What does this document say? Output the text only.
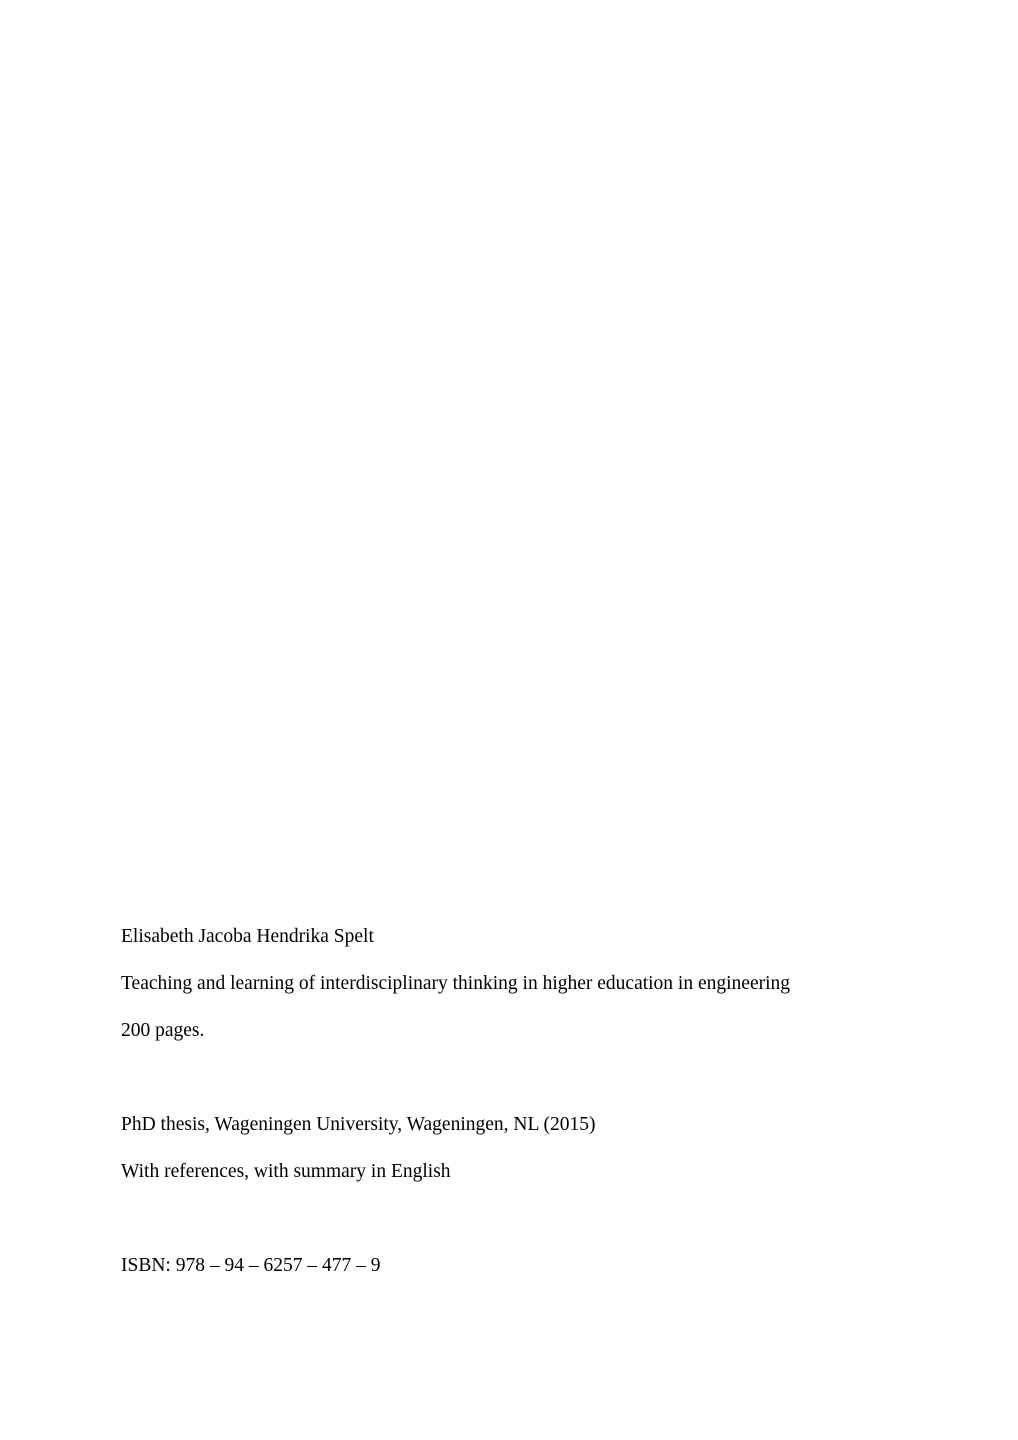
Elisabeth Jacoba Hendrika Spelt
Teaching and learning of interdisciplinary thinking in higher education in engineering
200 pages.
PhD thesis, Wageningen University, Wageningen, NL (2015)
With references, with summary in English
ISBN: 978 – 94 – 6257 – 477 – 9
